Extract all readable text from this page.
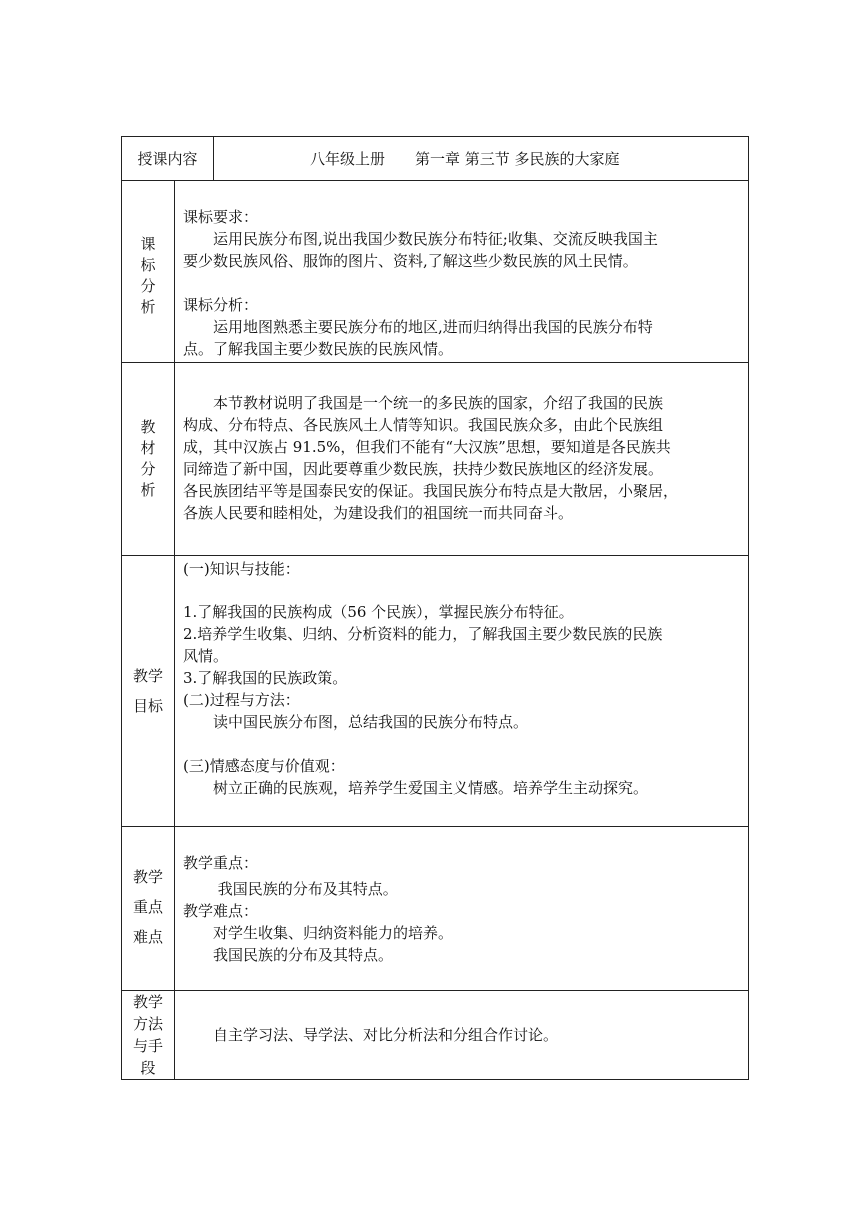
授课内容	八年级上册　　第一章 第三节 多民族的大家庭
课
标
分
析
课标要求：
　　运用民族分布图,说出我国少数民族分布特征;收集、交流反映我国主
要少数民族风俗、服饰的图片、资料,了解这些少数民族的风土民情。
课标分析：
　　运用地图熟悉主要民族分布的地区,进而归纳得出我国的民族分布特
点。了解我国主要少数民族的民族风情。
教
材
分
析
　　本节教材说明了我国是一个统一的多民族的国家，介绍了我国的民族
构成、分布特点、各民族风土人情等知识。我国民族众多，由此个民族组
成，其中汉族占 91.5%，但我们不能有“大汉族”思想，要知道是各民族共
同缔造了新中国，因此要尊重少数民族，扶持少数民族地区的经济发展。
各民族团结平等是国泰民安的保证。我国民族分布特点是大散居，小聚居，
各族人民要和睦相处，为建设我们的祖国统一而共同奋斗。
教学
目标
(一)知识与技能：
1.了解我国的民族构成（56 个民族），掌握民族分布特征。
2.培养学生收集、归纳、分析资料的能力，了解我国主要少数民族的民族
风情。
3.了解我国的民族政策。
(二)过程与方法：
　　读中国民族分布图，总结我国的民族分布特点。
(三)情感态度与价值观：
　　树立正确的民族观，培养学生爱国主义情感。培养学生主动探究。
教学
重点
难点
教学重点：
　　 我国民族的分布及其特点。
教学难点：
　　对学生收集、归纳资料能力的培养。
　　我国民族的分布及其特点。
教学
方法
与手
段
　　自主学习法、导学法、对比分析法和分组合作讨论。
